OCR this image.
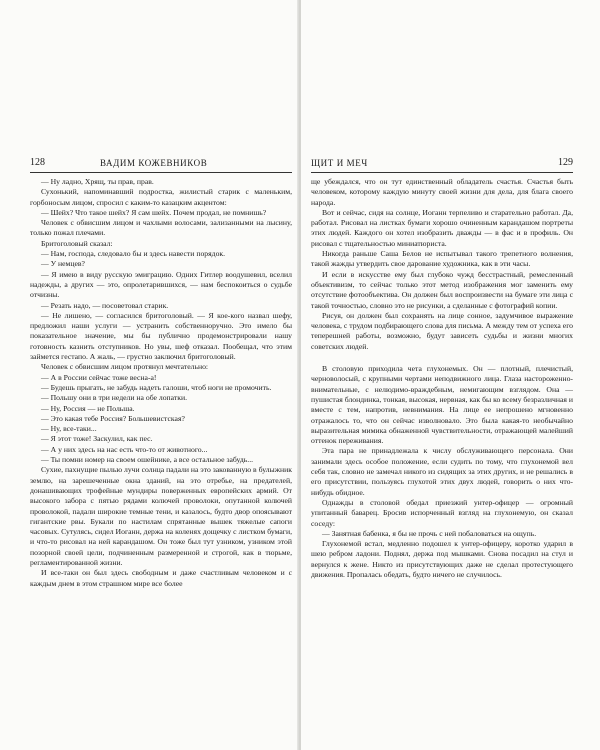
128	ВАДИМ КОЖЕВНИКОВ

— Ну ладно, Хрящ, ты прав, прав.

Сухонький, напоминавший подростка, жилистый старик с маленьким, горбоносым лицом, спросил с каким-то казацким акцентом:

— Шейх? Что такое шейх? Я сам шейх. Почем продал, не помнишь?

Человек с обвисшим лицом и чахлыми волосами, зализанными на лысину, только пожал плечами.

Бритоголовый сказал:

— Нам, господа, следовало бы и здесь навести порядок.

— У немцев?

— Я имею в виду русскую эмиграцию. Одних Гитлер воодушевил, вселил надежды, а других — это, опролетарившихся, — нам беспокоиться о судьбе отчизны.

— Резать надо, — посоветовал старик.

— Не лишено, — согласился бритоголовый. — Я кое-кого назвал шефу, предложил наши услуги — устранить собственноручно. Это имело бы показательное значение, мы бы публично продемонстрировали нашу готовность казнить отступников. Но увы, шеф отказал. Пообещал, что этим займется гестапо. А жаль, — грустно заключил бритоголовый.

Человек с обвисшим лицом протянул мечтательно:

— А в России сейчас тоже весна-а!

— Будешь прыгать, не забудь надеть галоши, чтоб ноги не промочить.

— Польшу они в три недели на обе лопатки.

— Ну, Россия — не Польша.

— Это какая тебе Россия? Большевистская?

— Ну, все-таки...

— Я этот тоже! Заскулил, как пес.

— А у них здесь на нас есть что-то от животного...

— Ты помни номер на своем ошейнике, а все остальное забудь...

Сухие, пахнущие пылью лучи солнца падали на это закованную в булыжник землю, на зарешеченные окна зданий, на это отребье, на предателей, донашивающих трофейные мундиры поверженных европейских армий. От высокого забора с пятью рядами колючей проволоки, опутанной колючей проволокой, падали широкие темные тени, и казалось, будто двор опоясывают гигантские рвы. Букали по настилам спрятанные вышек тяжелые сапоги часовых. Сутулясь, сидел Иоганн, держа на коленях дощечку с листком бумаги, и что-то рисовал на ней карандашом. Он тоже был тут узником, узником этой позорной своей цели, подчиненным размеренной и строгой, как в тюрьме, регламентированной жизни.

И все-таки он был здесь свободным и даже счастливым человеком и с каждым днем в этом страшном мире все более

ЩИТ И МЕЧ	129

ще убеждался, что он тут единственный обладатель счастья. Счастья быть человеком, которому каждую минуту своей жизни для дела, для блага своего народа.

Вот и сейчас, сидя на солнце, Иоганн терпеливо и старательно работал. Да, работал. Рисовал на листках бумаги хорошо очиненным карандашом портреты этих людей. Каждого он хотел изобразить дважды — в фас и в профиль. Он рисовал с тщательностью миниатюриста.

Никогда раньше Саша Белов не испытывал такого трепетного волнения, такой жажды утвердить свое дарование художника, как в эти часы.

И если в искусстве ему был глубоко чужд бесстрастный, ремесленный объективизм, то сейчас только этот метод изображения мог заменить ему отсутствие фотообъектива. Он должен был воспроизвести на бумаге эти лица с такой точностью, словно это не рисунки, а сделанные с фотографий копии.

Рисуя, он должен был сохранять на лице сонное, задумчивое выражение человека, с трудом подбирающего слова для письма. А между тем от успеха его теперешней работы, возможно, будут зависеть судьбы и жизни многих советских людей.

В столовую приходила чета глухонемых. Он — плотный, плечистый, черноволосый, с крупными чертами неподвижного лица. Глаза настороженно-внимательные, с нелюдимо-враждебным, немигающим взглядом. Она — пушистая блондинка, тонкая, высокая, нервная, как бы ко всему безразличная и вместе с тем, напротив, невнимания. На лице ее непрошено мгновенно отражалось то, что он сейчас изволновало. Это была какая-то необычайно выразительная мимика обнаженной чувствительности, отражающей малейший оттенок переживания.

Эта пара не принадлежала к числу обслуживающего персонала. Они занимали здесь особое положение, если судить по тому, что глухонемой вел себя так, словно не замечал никого из сидящих за этих других, и не решались в его присутствии, пользуясь глухотой этих двух людей, говорить о них что-нибудь обидное.

Однажды в столовой обедал приезжий унтер-офицер — огромный упитанный баварец. Бросив испорченный взгляд на глухонемую, он сказал соседу:

— Занятная бабенка, я бы не прочь с ней побаловаться на ощупь.

Глухонемой встал, медленно подошел к унтер-офицеру, коротко ударил в шею ребром ладони. Поднял, держа под мышками. Снова посадил на стул и вернулся к жене. Никто из присутствующих даже не сделал протестующего движения. Пропалась обедать, будто ничего не случилось.
